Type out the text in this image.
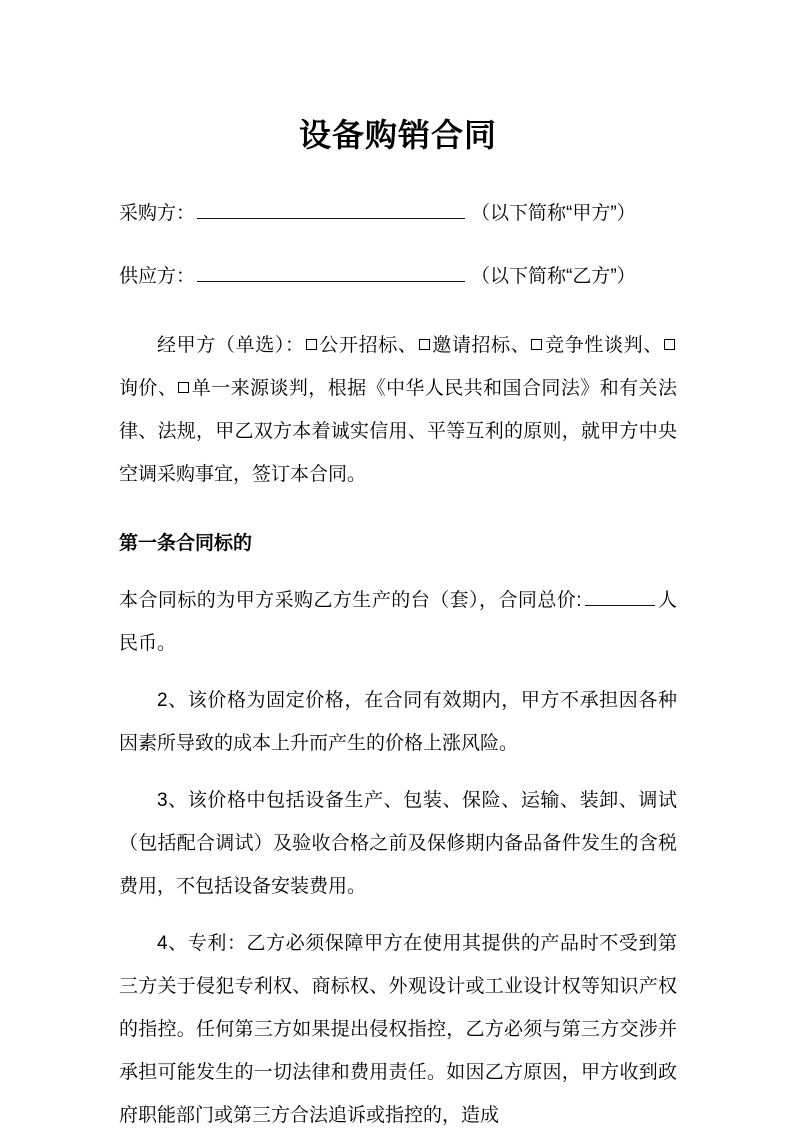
设备购销合同
采购方：	（以下简称“甲方”）
供应方：	（以下简称“乙方”）

经甲方（单选）： 公开招标、 邀请招标、 竞争性谈判、询价、 单一来源谈判，根据《中华人民共和国合同法》和有关法律、法规，甲乙双方本着诚实信用、平等互利的原则，就甲方中央空调采购事宜，签订本合同。

第一条合同标的

本合同标的为甲方采购乙方生产的台（套），合同总价:	人民币。

2、该价格为固定价格，在合同有效期内，甲方不承担因各种因素所导致的成本上升而产生的价格上涨风险。

3、该价格中包括设备生产、包装、保险、运输、装卸、调试（包括配合调试）及验收合格之前及保修期内备品备件发生的含税费用，不包括设备安装费用。

4、专利：乙方必须保障甲方在使用其提供的产品时不受到第三方关于侵犯专利权、商标权、外观设计或工业设计权等知识产权的指控。任何第三方如果提出侵权指控，乙方必须与第三方交涉并承担可能发生的一切法律和费用责任。如因乙方原因，甲方收到政府职能部门或第三方合法追诉或指控的，造成
